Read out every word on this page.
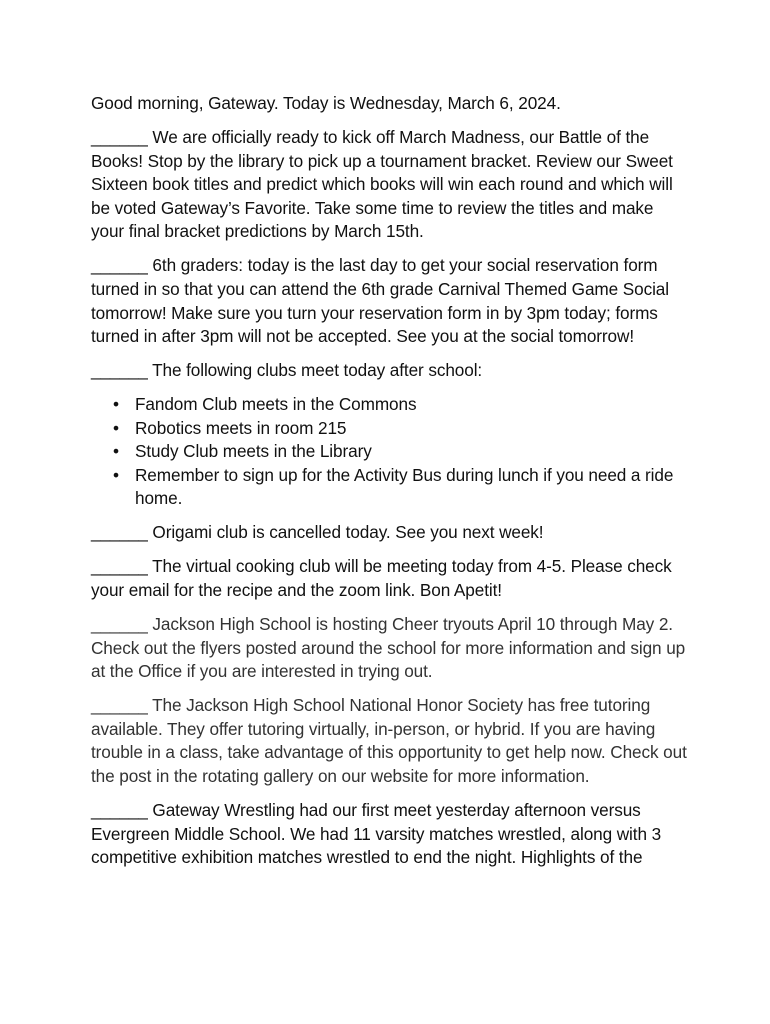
Good morning, Gateway. Today is Wednesday, March 6, 2024.

______ We are officially ready to kick off March Madness, our Battle of the Books! Stop by the library to pick up a tournament bracket. Review our Sweet Sixteen book titles and predict which books will win each round and which will be voted Gateway’s Favorite. Take some time to review the titles and make your final bracket predictions by March 15th.

______ 6th graders: today is the last day to get your social reservation form turned in so that you can attend the 6th grade Carnival Themed Game Social tomorrow! Make sure you turn your reservation form in by 3pm today; forms turned in after 3pm will not be accepted. See you at the social tomorrow!

______ The following clubs meet today after school:

• Fandom Club meets in the Commons
• Robotics meets in room 215
• Study Club meets in the Library
• Remember to sign up for the Activity Bus during lunch if you need a ride home.

______ Origami club is cancelled today. See you next week!

______ The virtual cooking club will be meeting today from 4-5. Please check your email for the recipe and the zoom link. Bon Apetit!

______ Jackson High School is hosting Cheer tryouts April 10 through May 2. Check out the flyers posted around the school for more information and sign up at the Office if you are interested in trying out.

______ The Jackson High School National Honor Society has free tutoring available. They offer tutoring virtually, in-person, or hybrid. If you are having trouble in a class, take advantage of this opportunity to get help now. Check out the post in the rotating gallery on our website for more information.

______ Gateway Wrestling had our first meet yesterday afternoon versus Evergreen Middle School. We had 11 varsity matches wrestled, along with 3 competitive exhibition matches wrestled to end the night. Highlights of the
